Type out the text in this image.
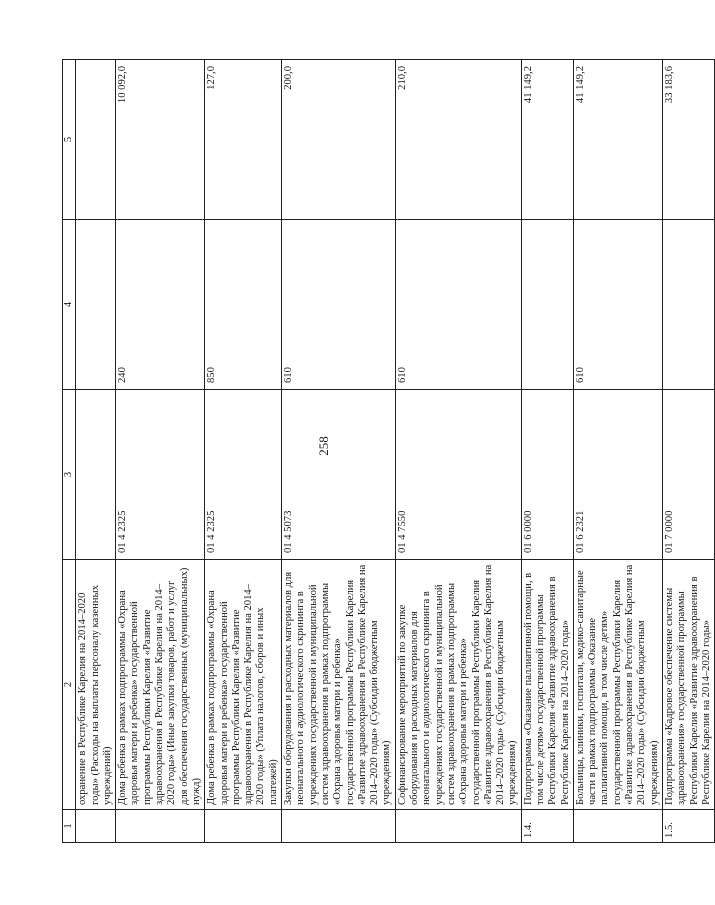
258
1	2	3	4	5
	охранение в Республике Карелия на 2014–2020 годы» (Расходы на выплаты персоналу казенных учреждений)			
	Дома ребенка в рамках подпрограммы «Охрана здоровья матери и ребенка» государственной программы Республики Карелия «Развитие здравоохранения в Республике Карелия на 2014–2020 годы» (Иные закупки товаров, работ и услуг для обеспечения государственных (муниципальных) нужд)	01 4 2325	240	10 092,0
	Дома ребенка в рамках подпрограммы «Охрана здоровья матери и ребенка» государственной программы Республики Карелия «Развитие здравоохранения в Республике Карелия на 2014–2020 годы» (Уплата налогов, сборов и иных платежей)	01 4 2325	850	127,0
	Закупки оборудования и расходных материалов для неонатального и аудиологического скрининга в учреждениях государственной и муниципальной систем здравоохранения в рамках подпрограммы «Охрана здоровья матери и ребенка» государственной программы Республики Карелия «Развитие здравоохранения в Республике Карелия на 2014–2020 годы» (Субсидии бюджетным учреждениям)	01 4 5073	610	200,0
	Софинансирование мероприятий по закупке оборудования и расходных материалов для неонатального и аудиологического скрининга в учреждениях государственной и муниципальной систем здравоохранения в рамках подпрограммы «Охрана здоровья матери и ребенка» государственной программы Республики Карелия «Развитие здравоохранения в Республике Карелия на 2014–2020 годы» (Субсидии бюджетным учреждениям)	01 4 7550	610	210,0
1.4.	Подпрограмма «Оказание паллиативной помощи, в том числе детям» государственной программы Республики Карелия «Развитие здравоохранения в Республике Карелия на 2014–2020 годы»	01 6 0000		41 149,2
	Больницы, клиники, госпитали, медико-санитарные части в рамках подпрограммы «Оказание паллиативной помощи, в том числе детям» государственной программы Республики Карелия «Развитие здравоохранения в Республике Карелия на 2014–2020 годы» (Субсидии бюджетным учреждениям)	01 6 2321	610	41 149,2
1.5.	Подпрограмма «Кадровое обеспечение системы здравоохранения» государственной программы Республики Карелия «Развитие здравоохранения в Республике Карелия на 2014–2020 годы»	01 7 0000		33 183,6
